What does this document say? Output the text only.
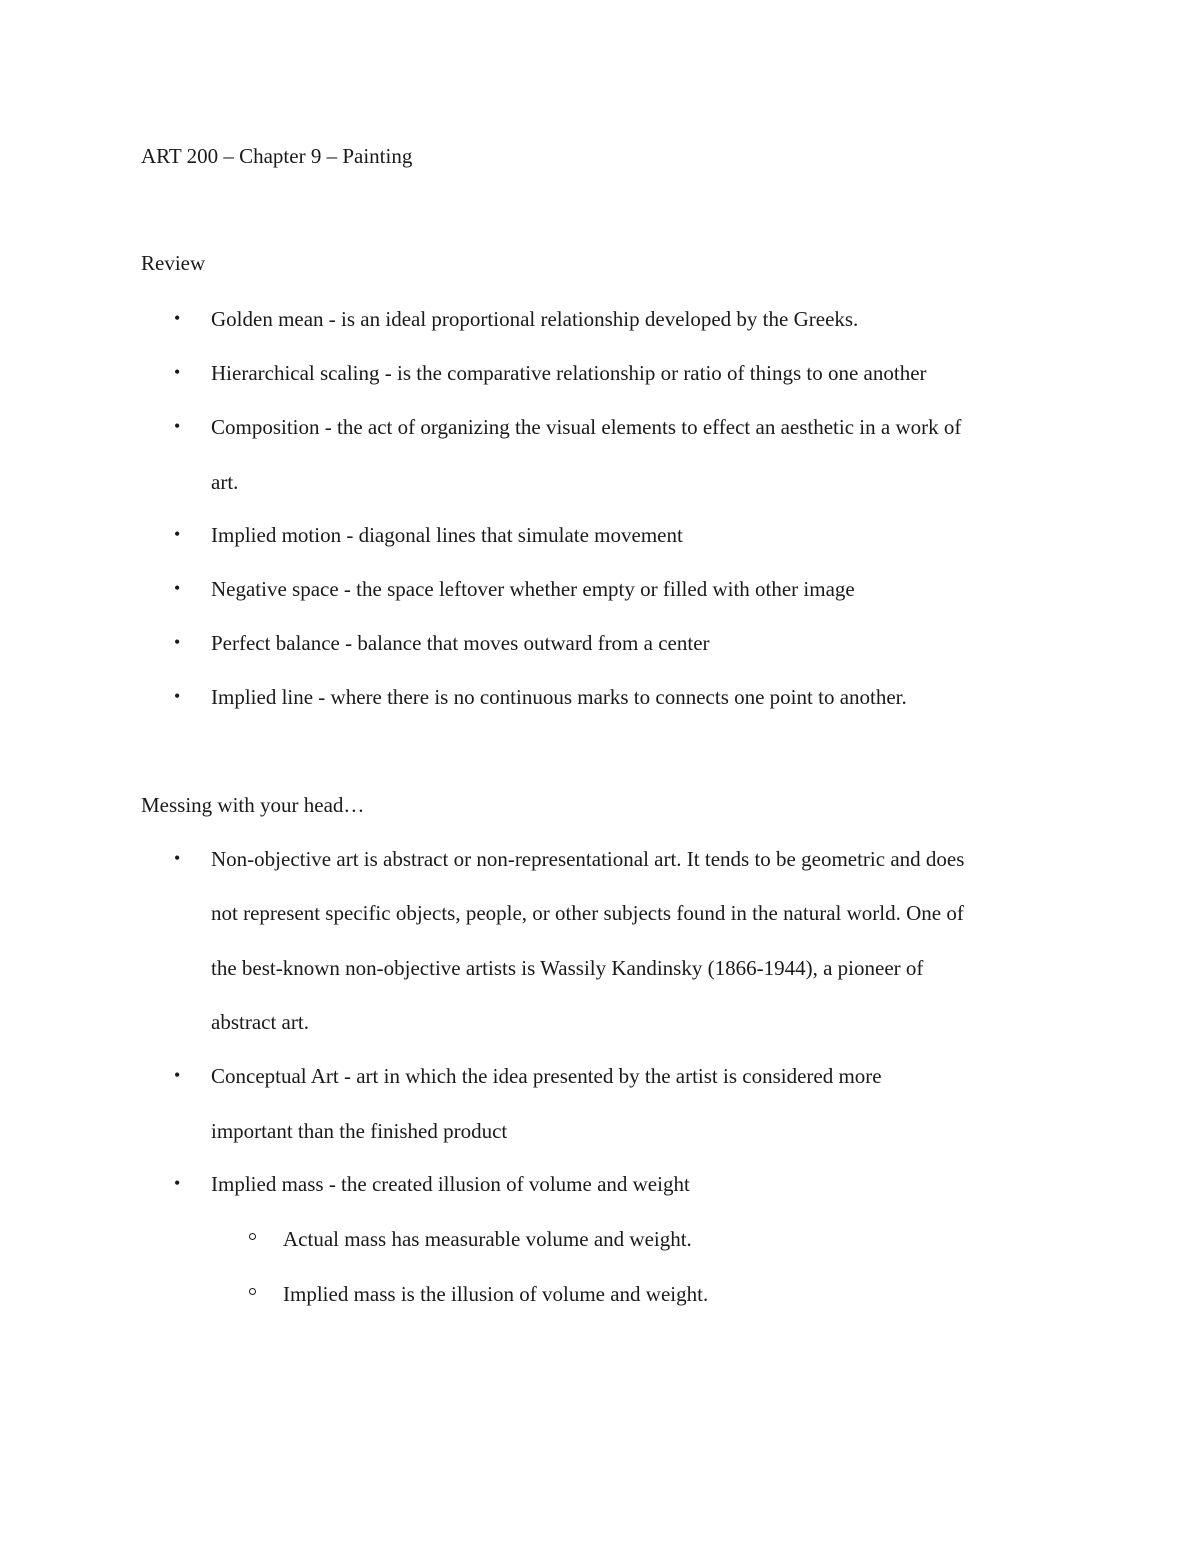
ART 200 – Chapter 9 – Painting
Review
• Golden mean - is an ideal proportional relationship developed by the Greeks.
• Hierarchical scaling - is the comparative relationship or ratio of things to one another
• Composition - the act of organizing the visual elements to effect an aesthetic in a work of
art.
• Implied motion - diagonal lines that simulate movement
• Negative space - the space leftover whether empty or filled with other image
• Perfect balance - balance that moves outward from a center
• Implied line - where there is no continuous marks to connects one point to another.
Messing with your head…
• Non-objective art is abstract or non-representational art. It tends to be geometric and does
not represent specific objects, people, or other subjects found in the natural world. One of
the best-known non-objective artists is Wassily Kandinsky (1866-1944), a pioneer of
abstract art.
• Conceptual Art - art in which the idea presented by the artist is considered more
important than the finished product
• Implied mass - the created illusion of volume and weight
Actual mass has measurable volume and weight.
Implied mass is the illusion of volume and weight.
